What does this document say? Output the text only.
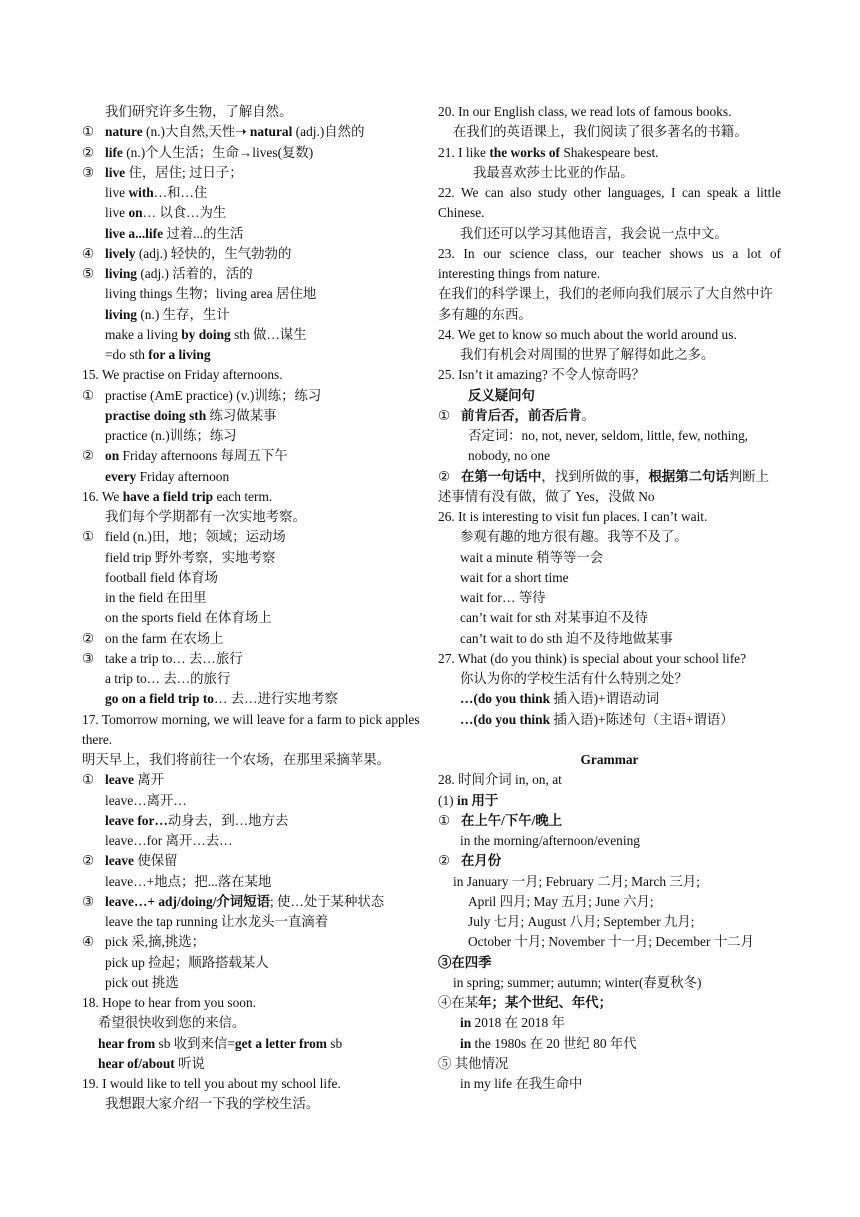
我们研究许多生物，了解自然。
① nature (n.)大自然,天性➝ natural (adj.)自然的
② life (n.)个人生活；生命→lives(复数)
③ live 住，居住; 过日子；
live with…和…住
live on… 以食…为生
live a...life 过着...的生活
④ lively (adj.) 轻快的，生气勃勃的
⑤ living (adj.) 活着的，活的
living things 生物；living area 居住地
living (n.) 生存，生计
make a living by doing sth 做…谋生
=do sth for a living
15. We practise on Friday afternoons.
① practise (AmE practice) (v.)训练；练习
practise doing sth 练习做某事
practice (n.)训练；练习
② on Friday afternoons 每周五下午
every Friday afternoon
16. We have a field trip each term.
我们每个学期都有一次实地考察。
① field (n.)田，地；领域；运动场
field trip 野外考察，实地考察
football field 体育场
in the field 在田里
on the sports field 在体育场上
② on the farm 在农场上
③ take a trip to… 去…旅行
a trip to… 去…的旅行
go on a field trip to… 去…进行实地考察
17. Tomorrow morning, we will leave for a farm to pick apples there.
明天早上，我们将前往一个农场，在那里采摘苹果。
① leave 离开
leave…离开…
leave for…动身去，到…地方去
leave…for 离开…去…
② leave 使保留
leave…+地点；把...落在某地
③ leave…+ adj/doing/介词短语; 使…处于某种状态
leave the tap running 让水龙头一直滴着
④ pick 采,摘,挑选；
pick up 捡起；顺路搭载某人
pick out 挑选
18. Hope to hear from you soon.
希望很快收到您的来信。
hear from sb 收到来信=get a letter from sb
hear of/about 听说
19. I would like to tell you about my school life.
我想跟大家介绍一下我的学校生活。
20. In our English class, we read lots of famous books.
在我们的英语课上，我们阅读了很多著名的书籍。
21. I like the works of Shakespeare best.
我最喜欢莎士比亚的作品。
22. We can also study other languages, I can speak a little Chinese.
我们还可以学习其他语言，我会说一点中文。
23. In our science class, our teacher shows us a lot of interesting things from nature.
在我们的科学课上，我们的老师向我们展示了大自然中许多有趣的东西。
24. We get to know so much about the world around us.
我们有机会对周围的世界了解得如此之多。
25. Isn’t it amazing? 不令人惊奇吗？
反义疑问句
① 前肯后否，前否后肯。
否定词：no, not, never, seldom, little, few, nothing, nobody, no one
② 在第一句话中，找到所做的事，根据第二句话判断上述事情有没有做，做了 Yes，没做 No
26. It is interesting to visit fun places. I can’t wait.
参观有趣的地方很有趣。我等不及了。
wait a minute 稍等等一会
wait for a short time
wait for… 等待
can’t wait for sth 对某事迫不及待
can’t wait to do sth 迫不及待地做某事
27. What (do you think) is special about your school life?
你认为你的学校生活有什么特别之处？
…(do you think 插入语)+谓语动词
…(do you think 插入语)+陈述句（主语+谓语）

Grammar
28. 时间介词 in, on, at
(1) in 用于
① 在上午/下午/晚上
in the morning/afternoon/evening
② 在月份
in January 一月; February 二月; March 三月;
April 四月; May 五月; June 六月;
July 七月; August 八月; September 九月;
October 十月; November 十一月; December 十二月
③在四季
in spring; summer; autumn; winter(春夏秋冬)
④在某年；某个世纪、年代；
in 2018 在 2018 年
in the 1980s 在 20 世纪 80 年代
⑤ 其他情况
in my life 在我生命中
